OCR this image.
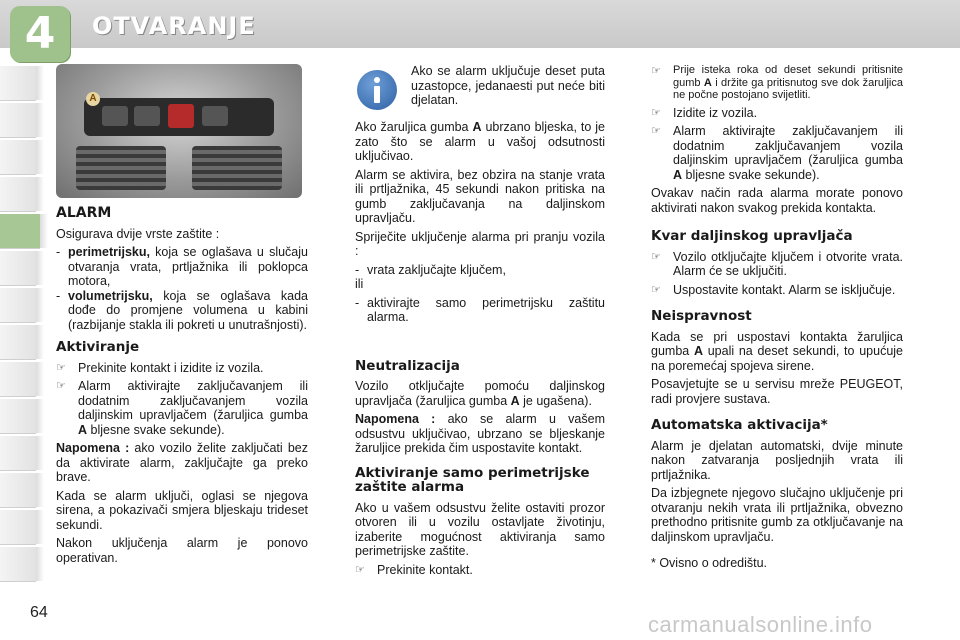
4	OTVARANJE
A
ALARM

Osigurava dvije vrste zaštite :

- perimetrijsku, koja se oglašava u slučaju otvaranja vrata, prtljažnika ili poklopca motora,
- volumetrijsku, koja se oglašava kada dođe do promjene volumena u kabini (razbijanje stakla ili pokreti u unutrašnjosti).
Aktiviranje
☞ Prekinite kontakt i izidite iz vozila.
☞ Alarm aktivirajte zaključavanjem ili dodatnim zaključavanjem vozila daljinskim upravljačem (žaruljica gumba A bljesne svake sekunde).

Napomena : ako vozilo želite zaključati bez da aktivirate alarm, zaključajte ga preko brave.

Kada se alarm uključi, oglasi se njegova sirena, a pokazivači smjera bljeskaju trideset sekundi.

Nakon uključenja alarm je ponovo operativan.

Ako se alarm uključuje deset puta uzastopce, jedanaesti put neće biti djelatan.

Ako žaruljica gumba A ubrzano bljeska, to je zato što se alarm u vašoj odsutnosti uključivao.

Alarm se aktivira, bez obzira na stanje vrata ili prtljažnika, 45 sekundi nakon pritiska na gumb zaključavanja na daljinskom upravljaču.

Spriječite uključenje alarma pri pranju vozila :

- vrata zaključajte ključem,

ili

- aktivirajte samo perimetrijsku zaštitu alarma.
Neutralizacija

Vozilo otključajte pomoću daljinskog upravljača (žaruljica gumba A je ugašena).

Napomena : ako se alarm u vašem odsustvu uključivao, ubrzano se bljeskanje žaruljice prekida čim uspostavite kontakt.

Aktiviranje samo perimetrijske zaštite alarma

Ako u vašem odsustvu želite ostaviti prozor otvoren ili u vozilu ostavljate životinju, izaberite mogućnost aktiviranja samo perimetrijske zaštite.

☞ Prekinite kontakt.
☞	Prije isteka roka od deset sekundi pritisnite gumb A i držite ga pritisnutog sve dok žaruljica ne počne postojano svijetliti.
☞ Izidite iz vozila.
☞ Alarm aktivirajte zaključavanjem ili dodatnim zaključavanjem vozila daljinskim upravljačem (žaruljica gumba A bljesne svake sekunde).

Ovakav način rada alarma morate ponovo aktivirati nakon svakog prekida kontakta.

Kvar daljinskog upravljača
☞ Vozilo otključajte ključem i otvorite vrata. Alarm će se uključiti.
☞ Uspostavite kontakt. Alarm se isključuje.
Neispravnost

Kada se pri uspostavi kontakta žaruljica gumba A upali na deset sekundi, to upućuje na poremećaj spojeva sirene.

Posavjetujte se u servisu mreže PEUGEOT, radi provjere sustava.

Automatska aktivacija*

Alarm je djelatan automatski, dvije minute nakon zatvaranja posljednjih vrata ili prtljažnika.

Da izbjegnete njegovo slučajno uključenje pri otvaranju nekih vrata ili prtljažnika, obvezno prethodno pritisnite gumb za otključavanje na daljinskom upravljaču.

* Ovisno o odredištu.

64	carmanualsonline.info
